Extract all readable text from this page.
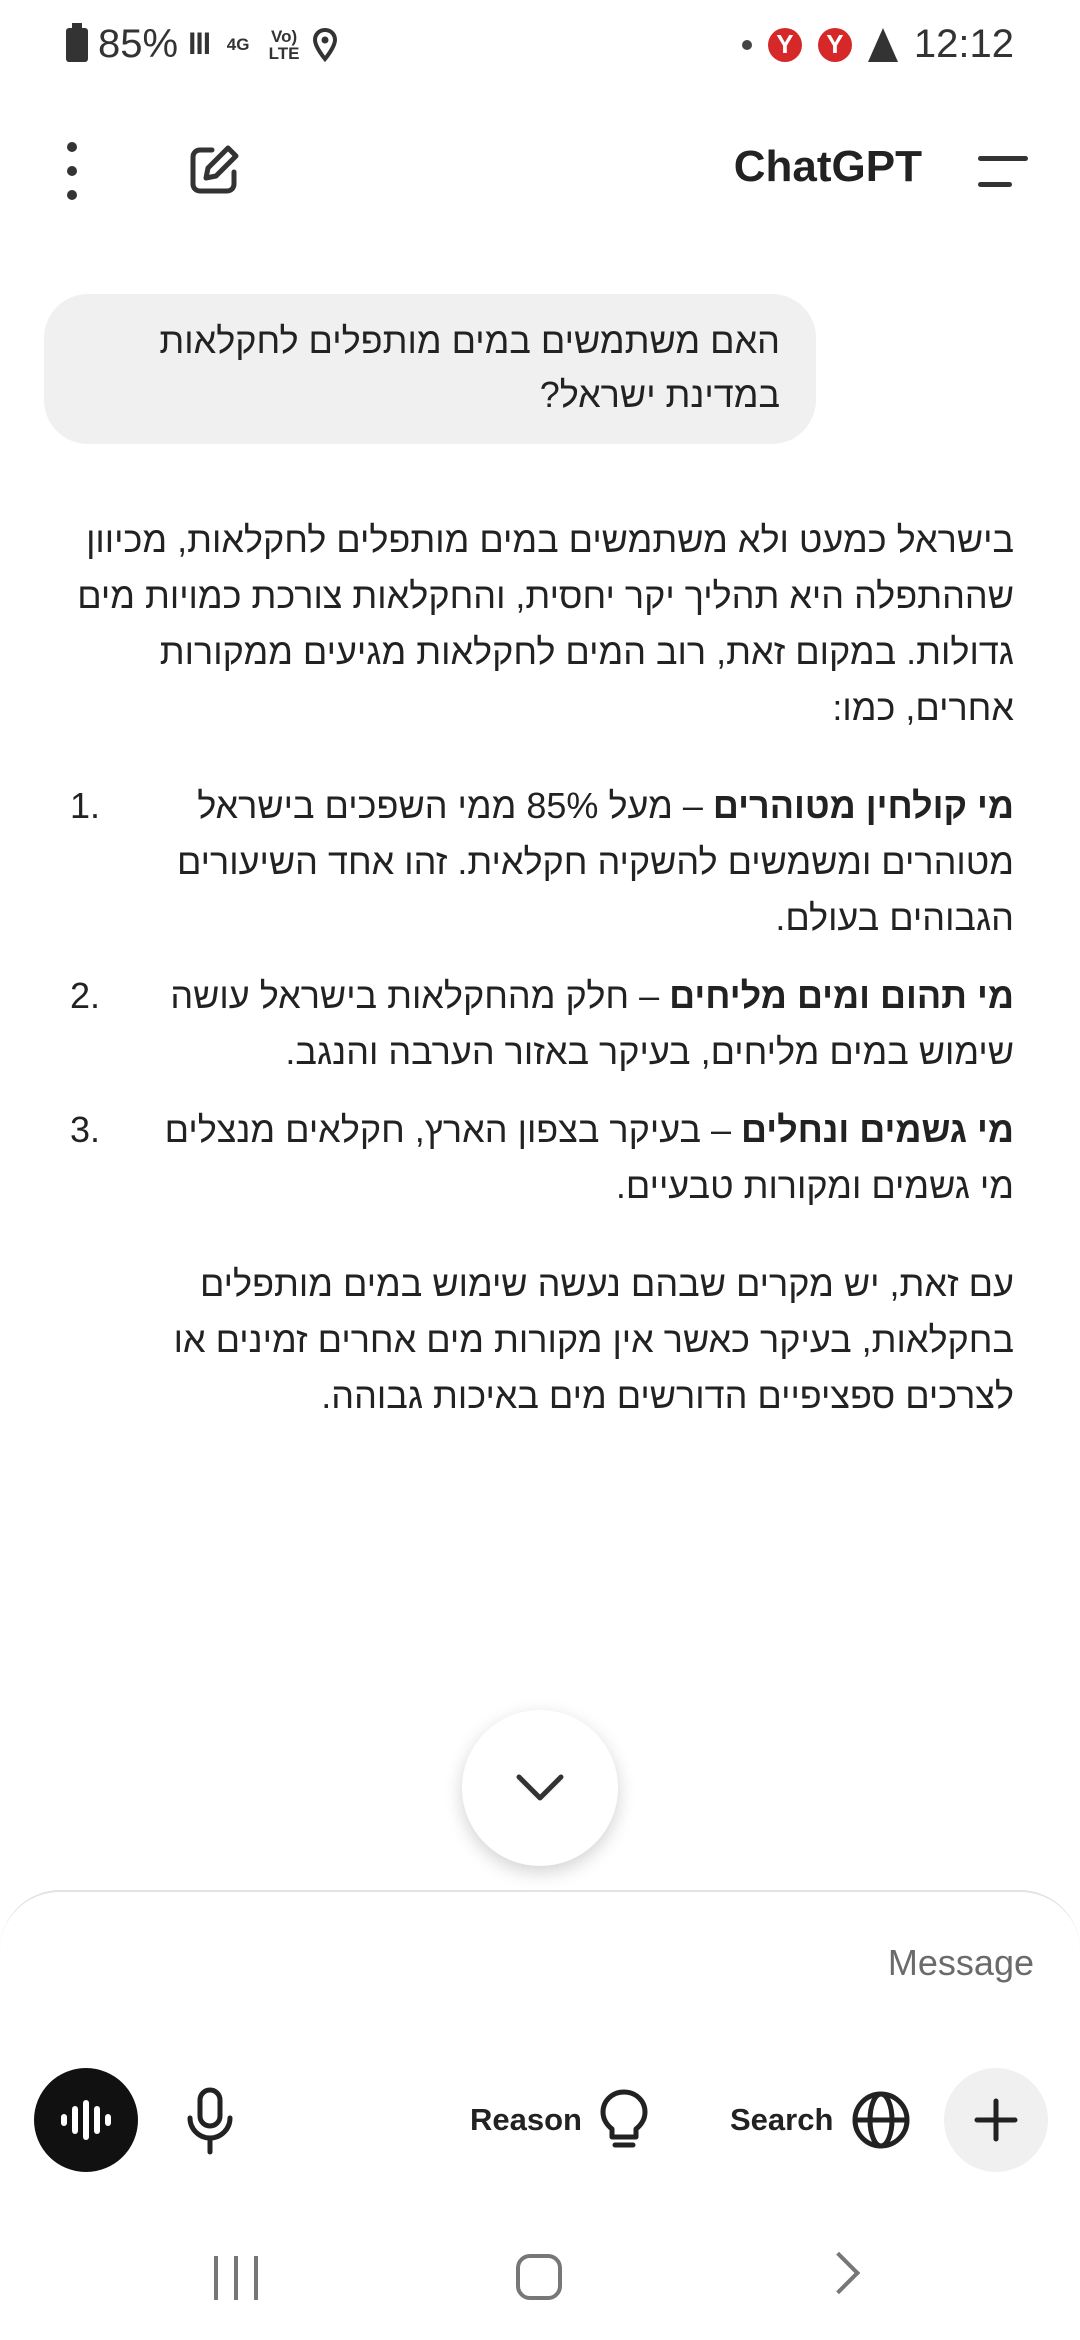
85% lll 4G	Vo) LTE	Y	Y 12:12
ChatGPT
האם משתמשים במים מותפלים לחקלאות במדינת ישראל?

בישראל כמעט ולא משתמשים במים מותפלים לחקלאות, מכיוון שההתפלה היא תהליך יקר יחסית, והחקלאות צורכת כמויות מים גדולות. במקום זאת, רוב המים לחקלאות מגיעים ממקורות אחרים, כמו:

1.	מי קולחין מטוהרים – מעל 85% ממי השפכים בישראל מטוהרים ומשמשים להשקיה חקלאית. זהו אחד השיעורים הגבוהים בעולם.
2.	מי תהום ומים מליחים – חלק מהחקלאות בישראל עושה שימוש במים מליחים, בעיקר באזור הערבה והנגב.
3.	מי גשמים ונחלים – בעיקר בצפון הארץ, חקלאים מנצלים מי גשמים ומקורות טבעיים.

עם זאת, יש מקרים שבהם נעשה שימוש במים מותפלים בחקלאות, בעיקר כאשר אין מקורות מים אחרים זמינים או לצרכים ספציפיים הדורשים מים באיכות גבוהה.

Message
Reason	Search
